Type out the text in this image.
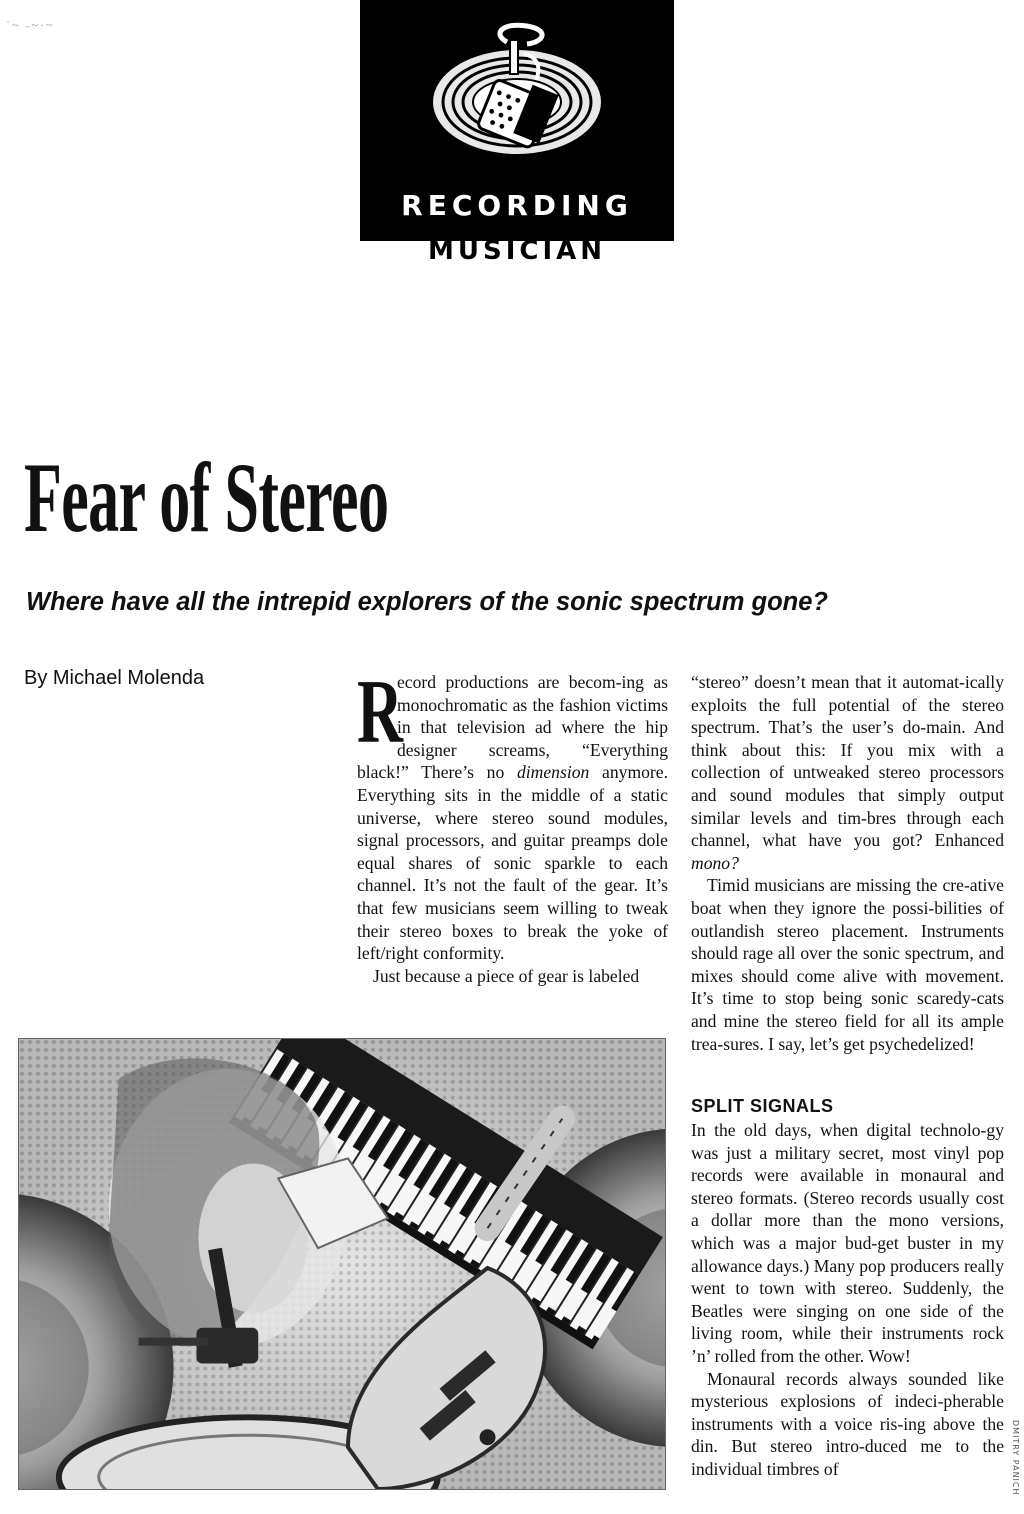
˙~ ˗~·~
RECORDING
MUSICIAN
Fear of Stereo
Where have all the intrepid explorers of the sonic spectrum gone?
By Michael Molenda R
ecord productions are becom-ing as monochromatic as the fashion victims in that television ad where the hip designer screams, “Everything black!” There’s no dimension anymore. Everything sits in the middle of a static universe, where stereo sound modules, signal processors, and guitar preamps dole equal shares of sonic sparkle to each channel. It’s not the fault of the gear. It’s that few musicians seem willing to tweak their stereo boxes to break the yoke of left/right conformity.

Just because a piece of gear is labeled

“stereo” doesn’t mean that it automat-ically exploits the full potential of the stereo spectrum. That’s the user’s do-main. And think about this: If you mix with a collection of untweaked stereo processors and sound modules that simply output similar levels and tim-bres through each channel, what have you got? Enhanced mono?

Timid musicians are missing the cre-ative boat when they ignore the possi-bilities of outlandish stereo placement. Instruments should rage all over the sonic spectrum, and mixes should come alive with movement. It’s time to stop being sonic scaredy-cats and mine the stereo field for all its ample trea-sures. I say, let’s get psychedelized!

SPLIT SIGNALS

In the old days, when digital technolo-gy was just a military secret, most vinyl pop records were available in monaural and stereo formats. (Stereo records usually cost a dollar more than the mono versions, which was a major bud-get buster in my allowance days.) Many pop producers really went to town with stereo. Suddenly, the Beatles were singing on one side of the living room, while their instruments rock ’n’ rolled from the other. Wow!

Monaural records always sounded like mysterious explosions of indeci-pherable instruments with a voice ris-ing above the din. But stereo intro-duced me to the individual timbres of	DMITRY PANICH
